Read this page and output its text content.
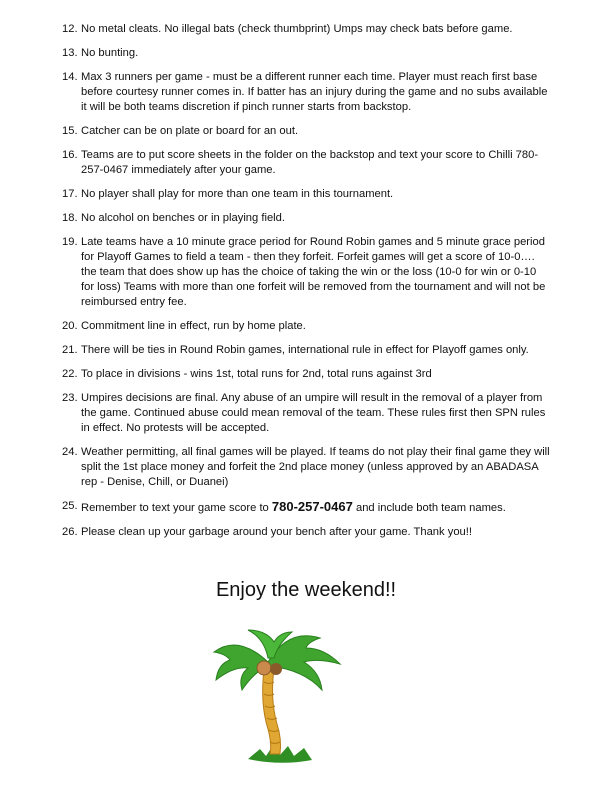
12. No metal cleats. No illegal bats (check thumbprint) Umps may check bats before game.
13. No bunting.
14. Max 3 runners per game - must be a different runner each time. Player must reach first base before courtesy runner comes in. If batter has an injury during the game and no subs available it will be both teams discretion if pinch runner starts from backstop.
15. Catcher can be on plate or board for an out.
16. Teams are to put score sheets in the folder on the backstop and text your score to Chilli 780-257-0467 immediately after your game.
17. No player shall play for more than one team in this tournament.
18. No alcohol on benches or in playing field.
19. Late teams have a 10 minute grace period for Round Robin games and 5 minute grace period for Playoff Games to field a team - then they forfeit. Forfeit games will get a score of 10-0…. the team that does show up has the choice of taking the win or the loss (10-0 for win or 0-10 for loss) Teams with more than one forfeit will be removed from the tournament and will not be reimbursed entry fee.
20. Commitment line in effect, run by home plate.
21. There will be ties in Round Robin games, international rule in effect for Playoff games only.
22. To place in divisions - wins 1st, total runs for 2nd, total runs against 3rd
23. Umpires decisions are final. Any abuse of an umpire will result in the removal of a player from the game. Continued abuse could mean removal of the team. These rules first then SPN rules in effect. No protests will be accepted.
24. Weather permitting, all final games will be played. If teams do not play their final game they will split the 1st place money and forfeit the 2nd place money (unless approved by an ABADASA rep - Denise, Chill, or Duanei)
25. Remember to text your game score to 780-257-0467 and include both team names.
26. Please clean up your garbage around your bench after your game. Thank you!!
Enjoy the weekend!!
